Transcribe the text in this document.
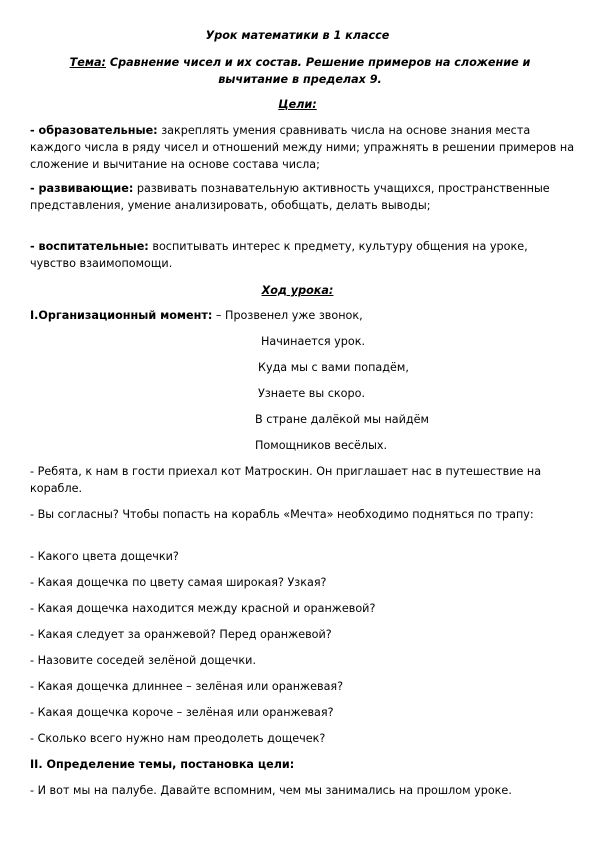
Урок математики в 1 классе
Тема: Сравнение чисел и их состав. Решение примеров на сложение и вычитание в пределах 9.
Цели:
- образовательные: закреплять умения сравнивать числа на основе знания места каждого числа в ряду чисел и отношений между ними; упражнять в решении примеров на сложение и вычитание на основе состава числа;
- развивающие: развивать познавательную активность учащихся, пространственные представления, умение анализировать, обобщать, делать выводы;
- воспитательные: воспитывать интерес к предмету, культуру общения на уроке, чувство взаимопомощи.
Ход урока:
I.Организационный момент: – Прозвенел уже звонок,
Начинается урок.
Куда мы с вами попадём,
Узнаете вы скоро.
В стране далёкой мы найдём
Помощников весёлых.
- Ребята, к нам в гости приехал кот Матроскин. Он приглашает нас в путешествие на корабле.
- Вы согласны? Чтобы попасть на корабль «Мечта» необходимо подняться по трапу:
- Какого цвета дощечки?
- Какая дощечка по цвету самая широкая? Узкая?
- Какая дощечка находится между красной и оранжевой?
- Какая следует за оранжевой? Перед оранжевой?
- Назовите соседей зелёной дощечки.
- Какая дощечка длиннее – зелёная или оранжевая?
- Какая дощечка короче – зелёная или оранжевая?
- Сколько всего нужно нам преодолеть дощечек?
II. Определение темы, постановка цели:
- И вот мы на палубе. Давайте вспомним, чем мы занимались на прошлом уроке.
